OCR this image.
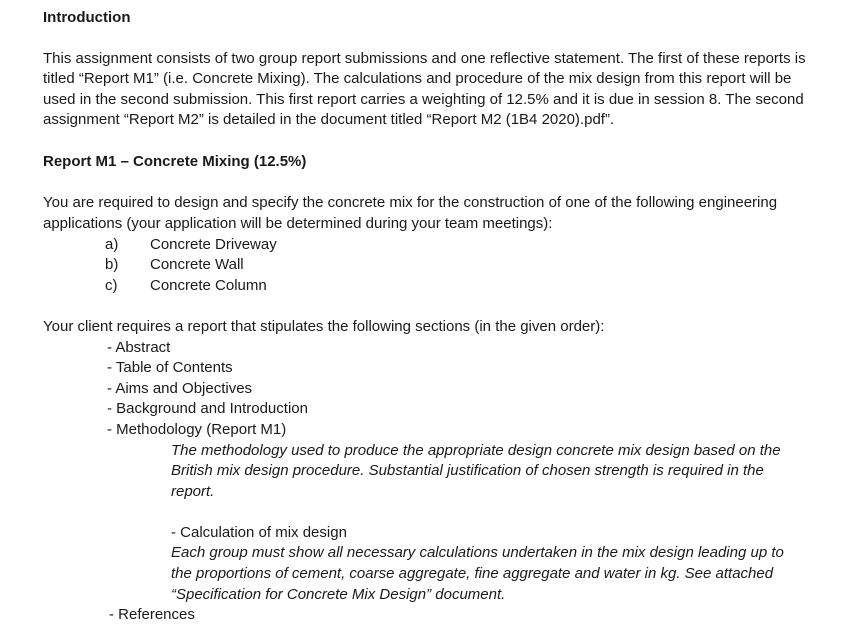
Introduction
This assignment consists of two group report submissions and one reflective statement. The first of these reports is
titled “Report M1” (i.e. Concrete Mixing). The calculations and procedure of the mix design from this report will be
used in the second submission. This first report carries a weighting of 12.5% and it is due in session 8. The second
assignment “Report M2” is detailed in the document titled “Report M2 (1B4 2020).pdf”.
Report M1 – Concrete Mixing (12.5%)
You are required to design and specify the concrete mix for the construction of one of the following engineering
applications (your application will be determined during your team meetings):
a) Concrete Driveway
b) Concrete Wall
c) Concrete Column
Your client requires a report that stipulates the following sections (in the given order):
- Abstract
- Table of Contents
- Aims and Objectives
- Background and Introduction
- Methodology (Report M1)
The methodology used to produce the appropriate design concrete mix design based on the
British mix design procedure. Substantial justification of chosen strength is required in the
report.
- Calculation of mix design
Each group must show all necessary calculations undertaken in the mix design leading up to
the proportions of cement, coarse aggregate, fine aggregate and water in kg. See attached
“Specification for Concrete Mix Design” document.
- References
